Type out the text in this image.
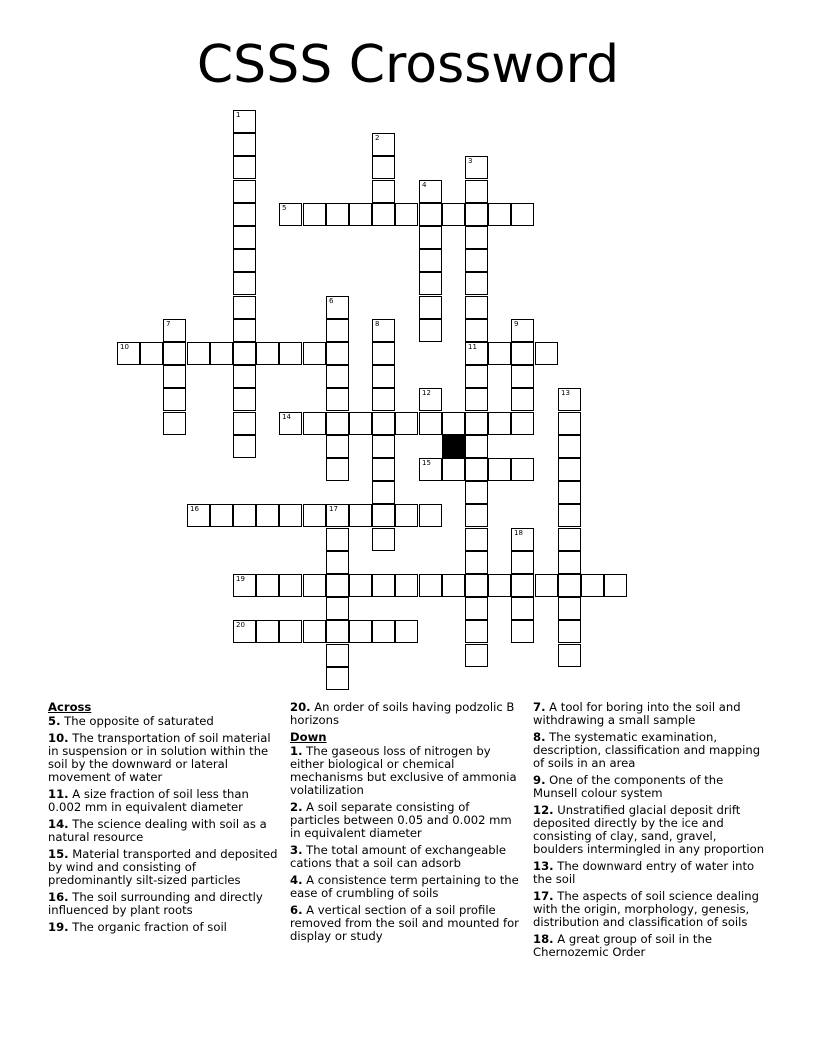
CSSS Crossword
1
2
3
11
4
5
6
7	8	9
10
12	13
14
15
16	17
18
19
20
Across
5. The opposite of saturated
10. The transportation of soil material in suspension or in solution within the soil by the downward or lateral movement of water
11. A size fraction of soil less than 0.002 mm in equivalent diameter
14. The science dealing with soil as a natural resource
15. Material transported and deposited by wind and consisting of predominantly silt-sized particles
16. The soil surrounding and directly influenced by plant roots
19. The organic fraction of soil
20. An order of soils having podzolic B horizons
Down
1. The gaseous loss of nitrogen by either biological or chemical mechanisms but exclusive of ammonia volatilization
2. A soil separate consisting of particles between 0.05 and 0.002 mm in equivalent diameter
3. The total amount of exchangeable cations that a soil can adsorb
4. A consistence term pertaining to the ease of crumbling of soils
6. A vertical section of a soil profile removed from the soil and mounted for display or study
7. A tool for boring into the soil and withdrawing a small sample
8. The systematic examination, description, classification and mapping of soils in an area
9. One of the components of the Munsell colour system
12. Unstratified glacial deposit drift deposited directly by the ice and consisting of clay, sand, gravel, boulders intermingled in any proportion
13. The downward entry of water into the soil
17. The aspects of soil science dealing with the origin, morphology, genesis, distribution and classification of soils
18. A great group of soil in the Chernozemic Order
